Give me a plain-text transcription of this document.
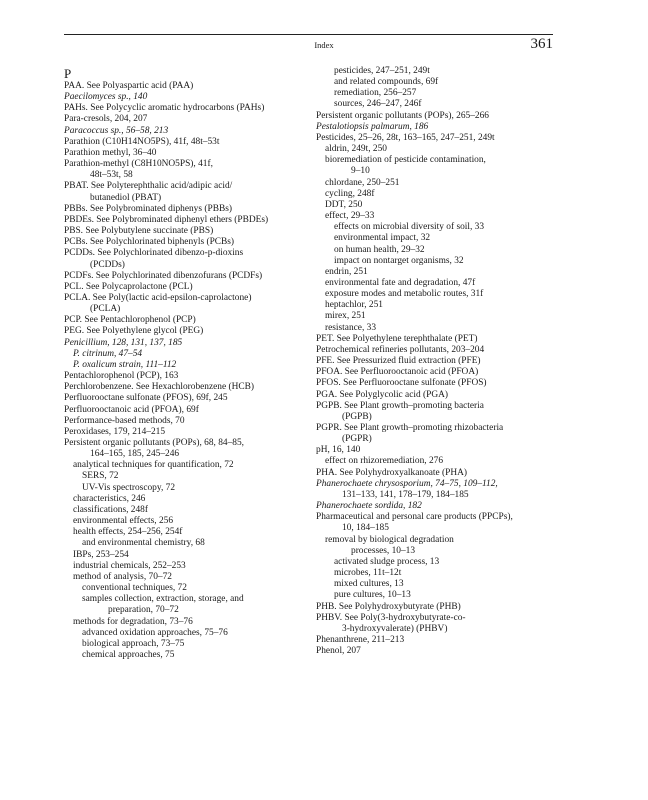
Index	361
P
PAA. See Polyaspartic acid (PAA)
Paecilomyces sp., 140
PAHs. See Polycyclic aromatic hydrocarbons (PAHs)
Para-cresols, 204, 207
Paracoccus sp., 56–58, 213
Parathion (C10H14NO5PS), 41f, 48t–53t
Parathion methyl, 36–40
Parathion-methyl (C8H10NO5PS), 41f,
48t–53t, 58
PBAT. See Polyterephthalic acid/adipic acid/
butanediol (PBAT)
PBBs. See Polybrominated diphenys (PBBs)
PBDEs. See Polybrominated diphenyl ethers (PBDEs)
PBS. See Polybutylene succinate (PBS)
PCBs. See Polychlorinated biphenyls (PCBs)
PCDDs. See Polychlorinated dibenzo-p-dioxins
(PCDDs)
PCDFs. See Polychlorinated dibenzofurans (PCDFs)
PCL. See Polycaprolactone (PCL)
PCLA. See Poly(lactic acid-epsilon-caprolactone)
(PCLA)
PCP. See Pentachlorophenol (PCP)
PEG. See Polyethylene glycol (PEG)
Penicillium, 128, 131, 137, 185
P. citrinum, 47–54
P. oxalicum strain, 111–112
Pentachlorophenol (PCP), 163
Perchlorobenzene. See Hexachlorobenzene (HCB)
Perfluorooctane sulfonate (PFOS), 69f, 245
Perfluorooctanoic acid (PFOA), 69f
Performance-based methods, 70
Peroxidases, 179, 214–215
Persistent organic pollutants (POPs), 68, 84–85,
164–165, 185, 245–246
analytical techniques for quantification, 72
SERS, 72
UV-Vis spectroscopy, 72
characteristics, 246
classifications, 248f
environmental effects, 256
health effects, 254–256, 254f
and environmental chemistry, 68
IBPs, 253–254
industrial chemicals, 252–253
method of analysis, 70–72
conventional techniques, 72
samples collection, extraction, storage, and
preparation, 70–72
methods for degradation, 73–76
advanced oxidation approaches, 75–76
biological approach, 73–75
chemical approaches, 75
pesticides, 247–251, 249t
and related compounds, 69f
remediation, 256–257
sources, 246–247, 246f
Persistent organic pollutants (POPs), 265–266
Pestalotiopsis palmarum, 186
Pesticides, 25–26, 28t, 163–165, 247–251, 249t
aldrin, 249t, 250
bioremediation of pesticide contamination,
9–10
chlordane, 250–251
cycling, 248f
DDT, 250
effect, 29–33
effects on microbial diversity of soil, 33
environmental impact, 32
on human health, 29–32
impact on nontarget organisms, 32
endrin, 251
environmental fate and degradation, 47f
exposure modes and metabolic routes, 31f
heptachlor, 251
mirex, 251
resistance, 33
PET. See Polyethylene terephthalate (PET)
Petrochemical refineries pollutants, 203–204
PFE. See Pressurized fluid extraction (PFE)
PFOA. See Perfluorooctanoic acid (PFOA)
PFOS. See Perfluorooctane sulfonate (PFOS)
PGA. See Polyglycolic acid (PGA)
PGPB. See Plant growth–promoting bacteria
(PGPB)
PGPR. See Plant growth–promoting rhizobacteria
(PGPR)
pH, 16, 140
effect on rhizoremediation, 276
PHA. See Polyhydroxyalkanoate (PHA)
Phanerochaete chrysosporium, 74–75, 109–112,
131–133, 141, 178–179, 184–185
Phanerochaete sordida, 182
Pharmaceutical and personal care products (PPCPs),
10, 184–185
removal by biological degradation
processes, 10–13
activated sludge process, 13
microbes, 11t–12t
mixed cultures, 13
pure cultures, 10–13
PHB. See Polyhydroxybutyrate (PHB)
PHBV. See Poly(3-hydroxybutyrate-co-
3-hydroxyvalerate) (PHBV)
Phenanthrene, 211–213
Phenol, 207
